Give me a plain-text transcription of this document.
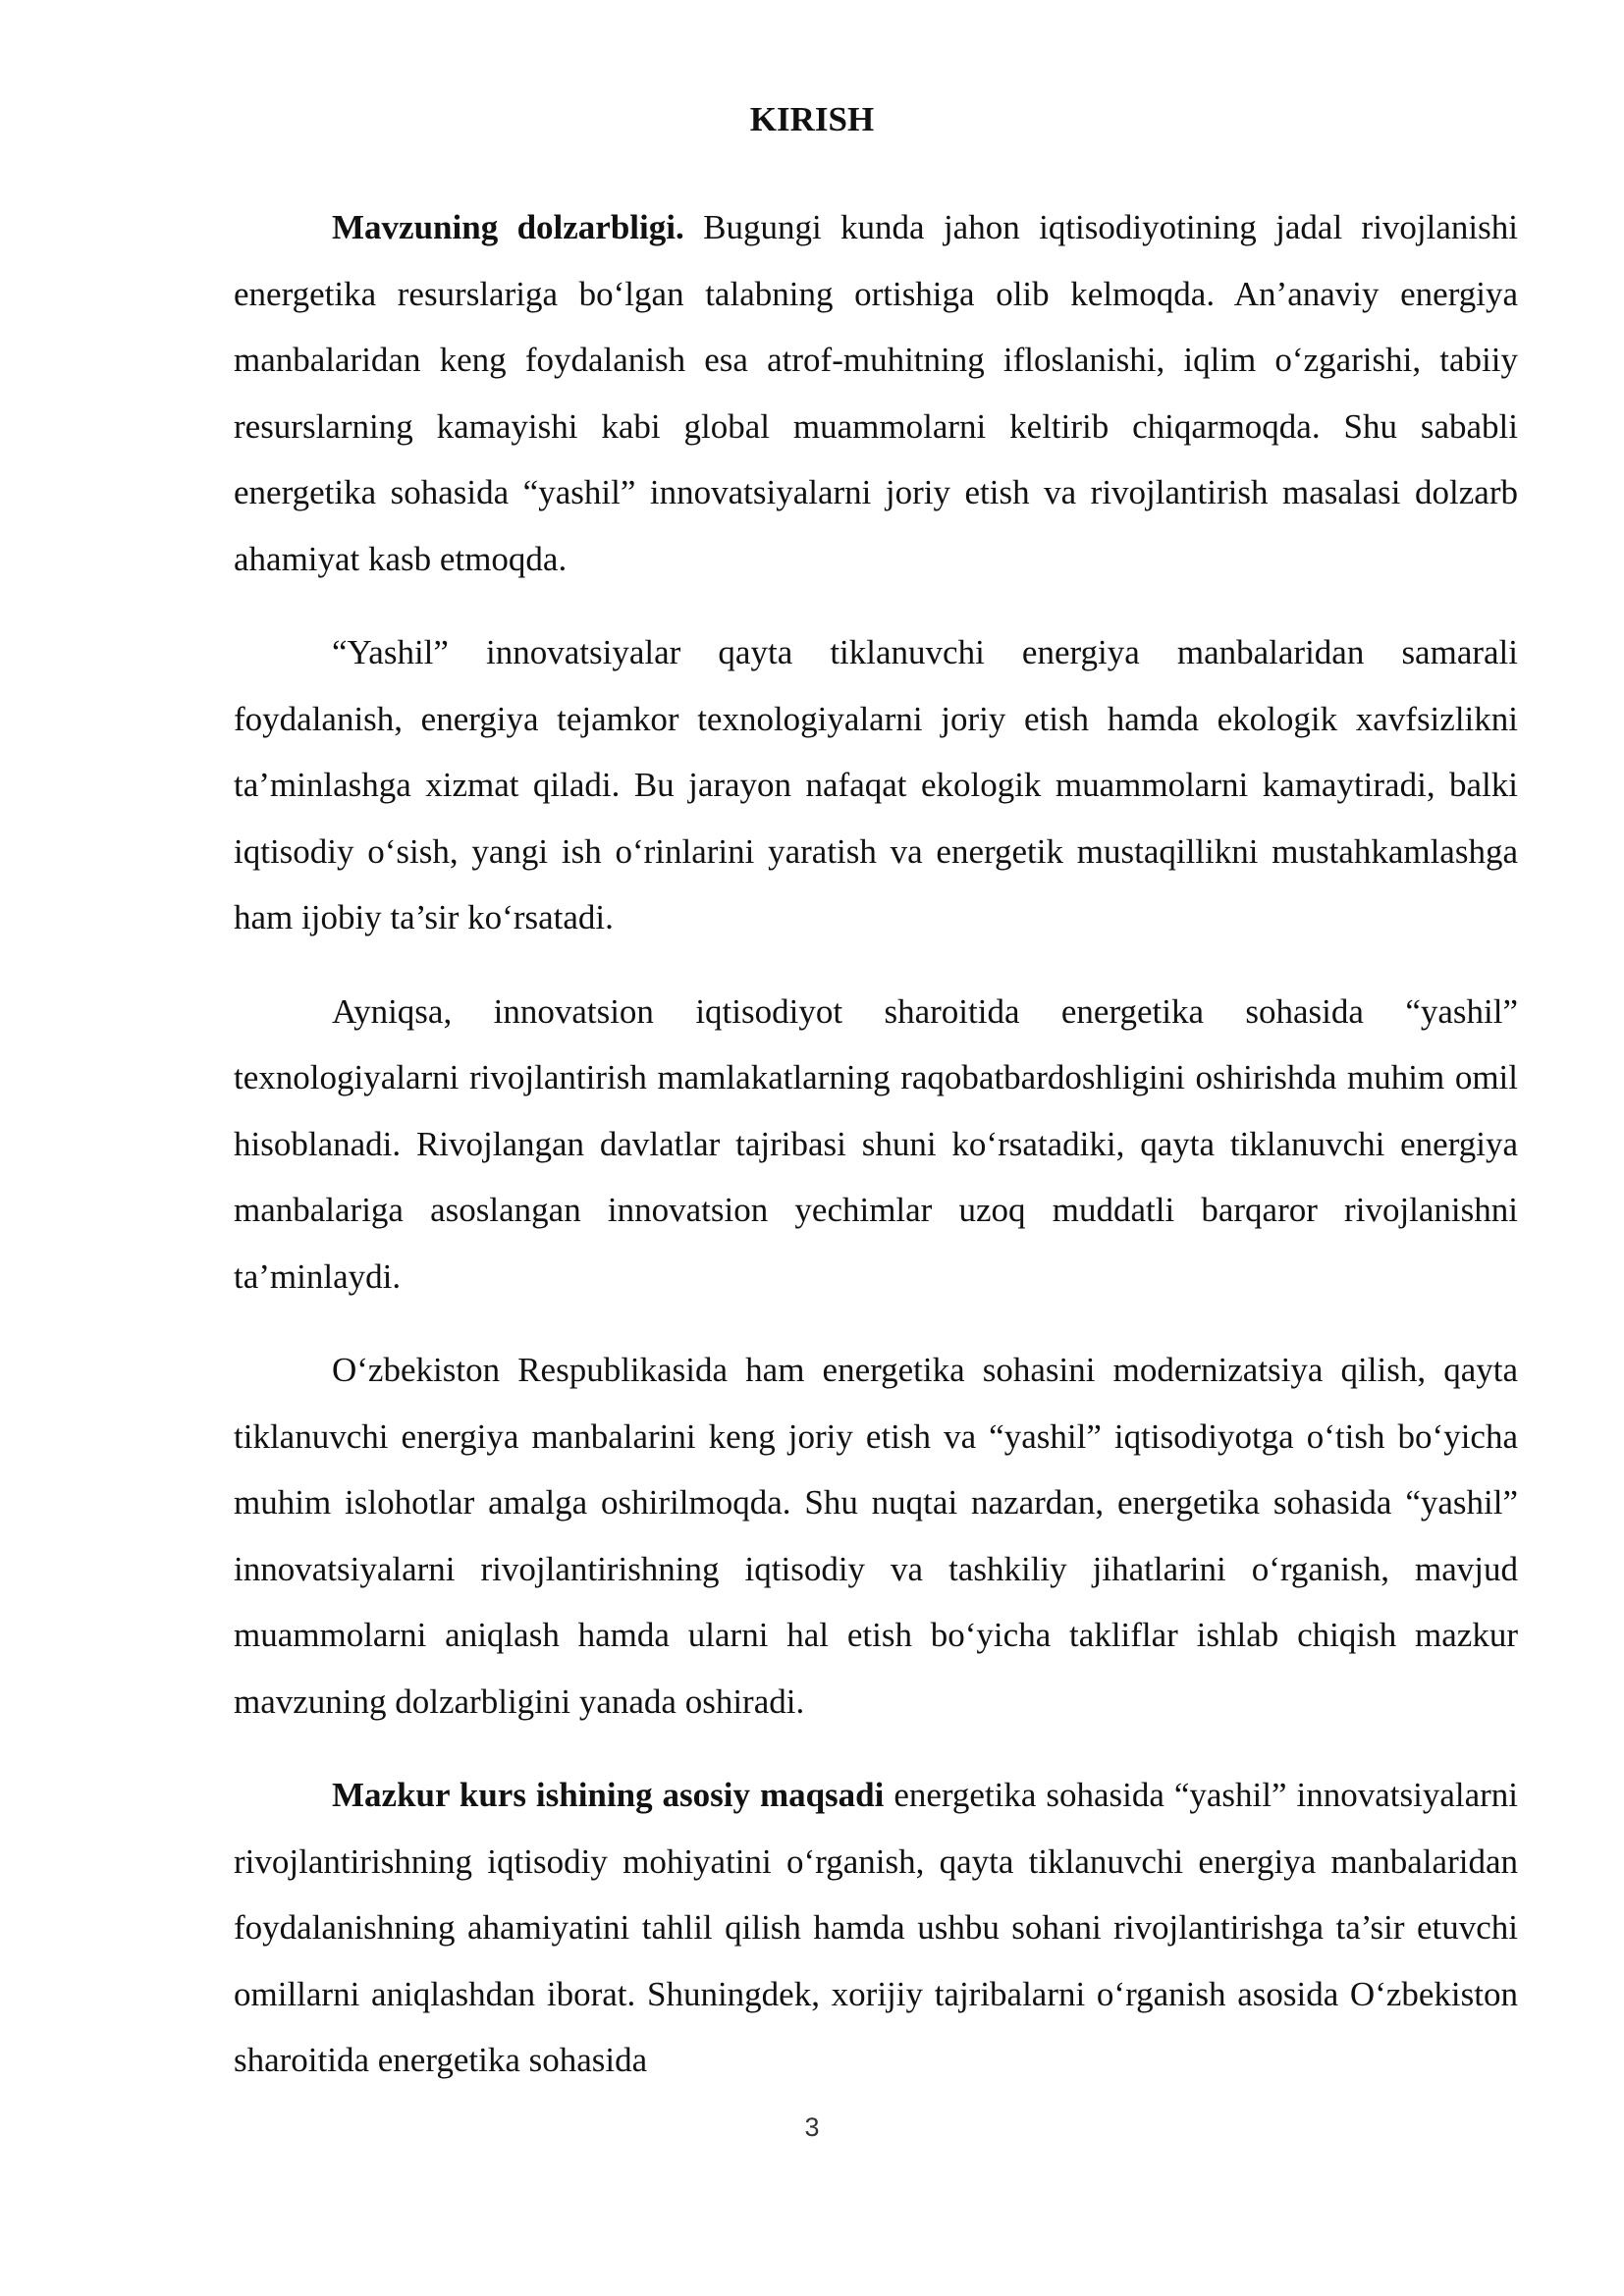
KIRISH

Mavzuning dolzarbligi. Bugungi kunda jahon iqtisodiyotining jadal rivojlanishi energetika resurslariga boʻlgan talabning ortishiga olib kelmoqda. An’anaviy energiya manbalaridan keng foydalanish esa atrof-muhitning ifloslanishi, iqlim oʻzgarishi, tabiiy resurslarning kamayishi kabi global muammolarni keltirib chiqarmoqda. Shu sababli energetika sohasida “yashil” innovatsiyalarni joriy etish va rivojlantirish masalasi dolzarb ahamiyat kasb etmoqda.

“Yashil” innovatsiyalar qayta tiklanuvchi energiya manbalaridan samarali foydalanish, energiya tejamkor texnologiyalarni joriy etish hamda ekologik xavfsizlikni ta’minlashga xizmat qiladi. Bu jarayon nafaqat ekologik muammolarni kamaytiradi, balki iqtisodiy oʻsish, yangi ish oʻrinlarini yaratish va energetik mustaqillikni mustahkamlashga ham ijobiy ta’sir koʻrsatadi.

Ayniqsa, innovatsion iqtisodiyot sharoitida energetika sohasida “yashil” texnologiyalarni rivojlantirish mamlakatlarning raqobatbardoshligini oshirishda muhim omil hisoblanadi. Rivojlangan davlatlar tajribasi shuni koʻrsatadiki, qayta tiklanuvchi energiya manbalariga asoslangan innovatsion yechimlar uzoq muddatli barqaror rivojlanishni ta’minlaydi.

Oʻzbekiston Respublikasida ham energetika sohasini modernizatsiya qilish, qayta tiklanuvchi energiya manbalarini keng joriy etish va “yashil” iqtisodiyotga oʻtish boʻyicha muhim islohotlar amalga oshirilmoqda. Shu nuqtai nazardan, energetika sohasida “yashil” innovatsiyalarni rivojlantirishning iqtisodiy va tashkiliy jihatlarini oʻrganish, mavjud muammolarni aniqlash hamda ularni hal etish boʻyicha takliflar ishlab chiqish mazkur mavzuning dolzarbligini yanada oshiradi.

Mazkur kurs ishining asosiy maqsadi energetika sohasida “yashil” innovatsiyalarni rivojlantirishning iqtisodiy mohiyatini oʻrganish, qayta tiklanuvchi energiya manbalaridan foydalanishning ahamiyatini tahlil qilish hamda ushbu sohani rivojlantirishga ta’sir etuvchi omillarni aniqlashdan iborat. Shuningdek, xorijiy tajribalarni oʻrganish asosida Oʻzbekiston sharoitida energetika sohasida

3
